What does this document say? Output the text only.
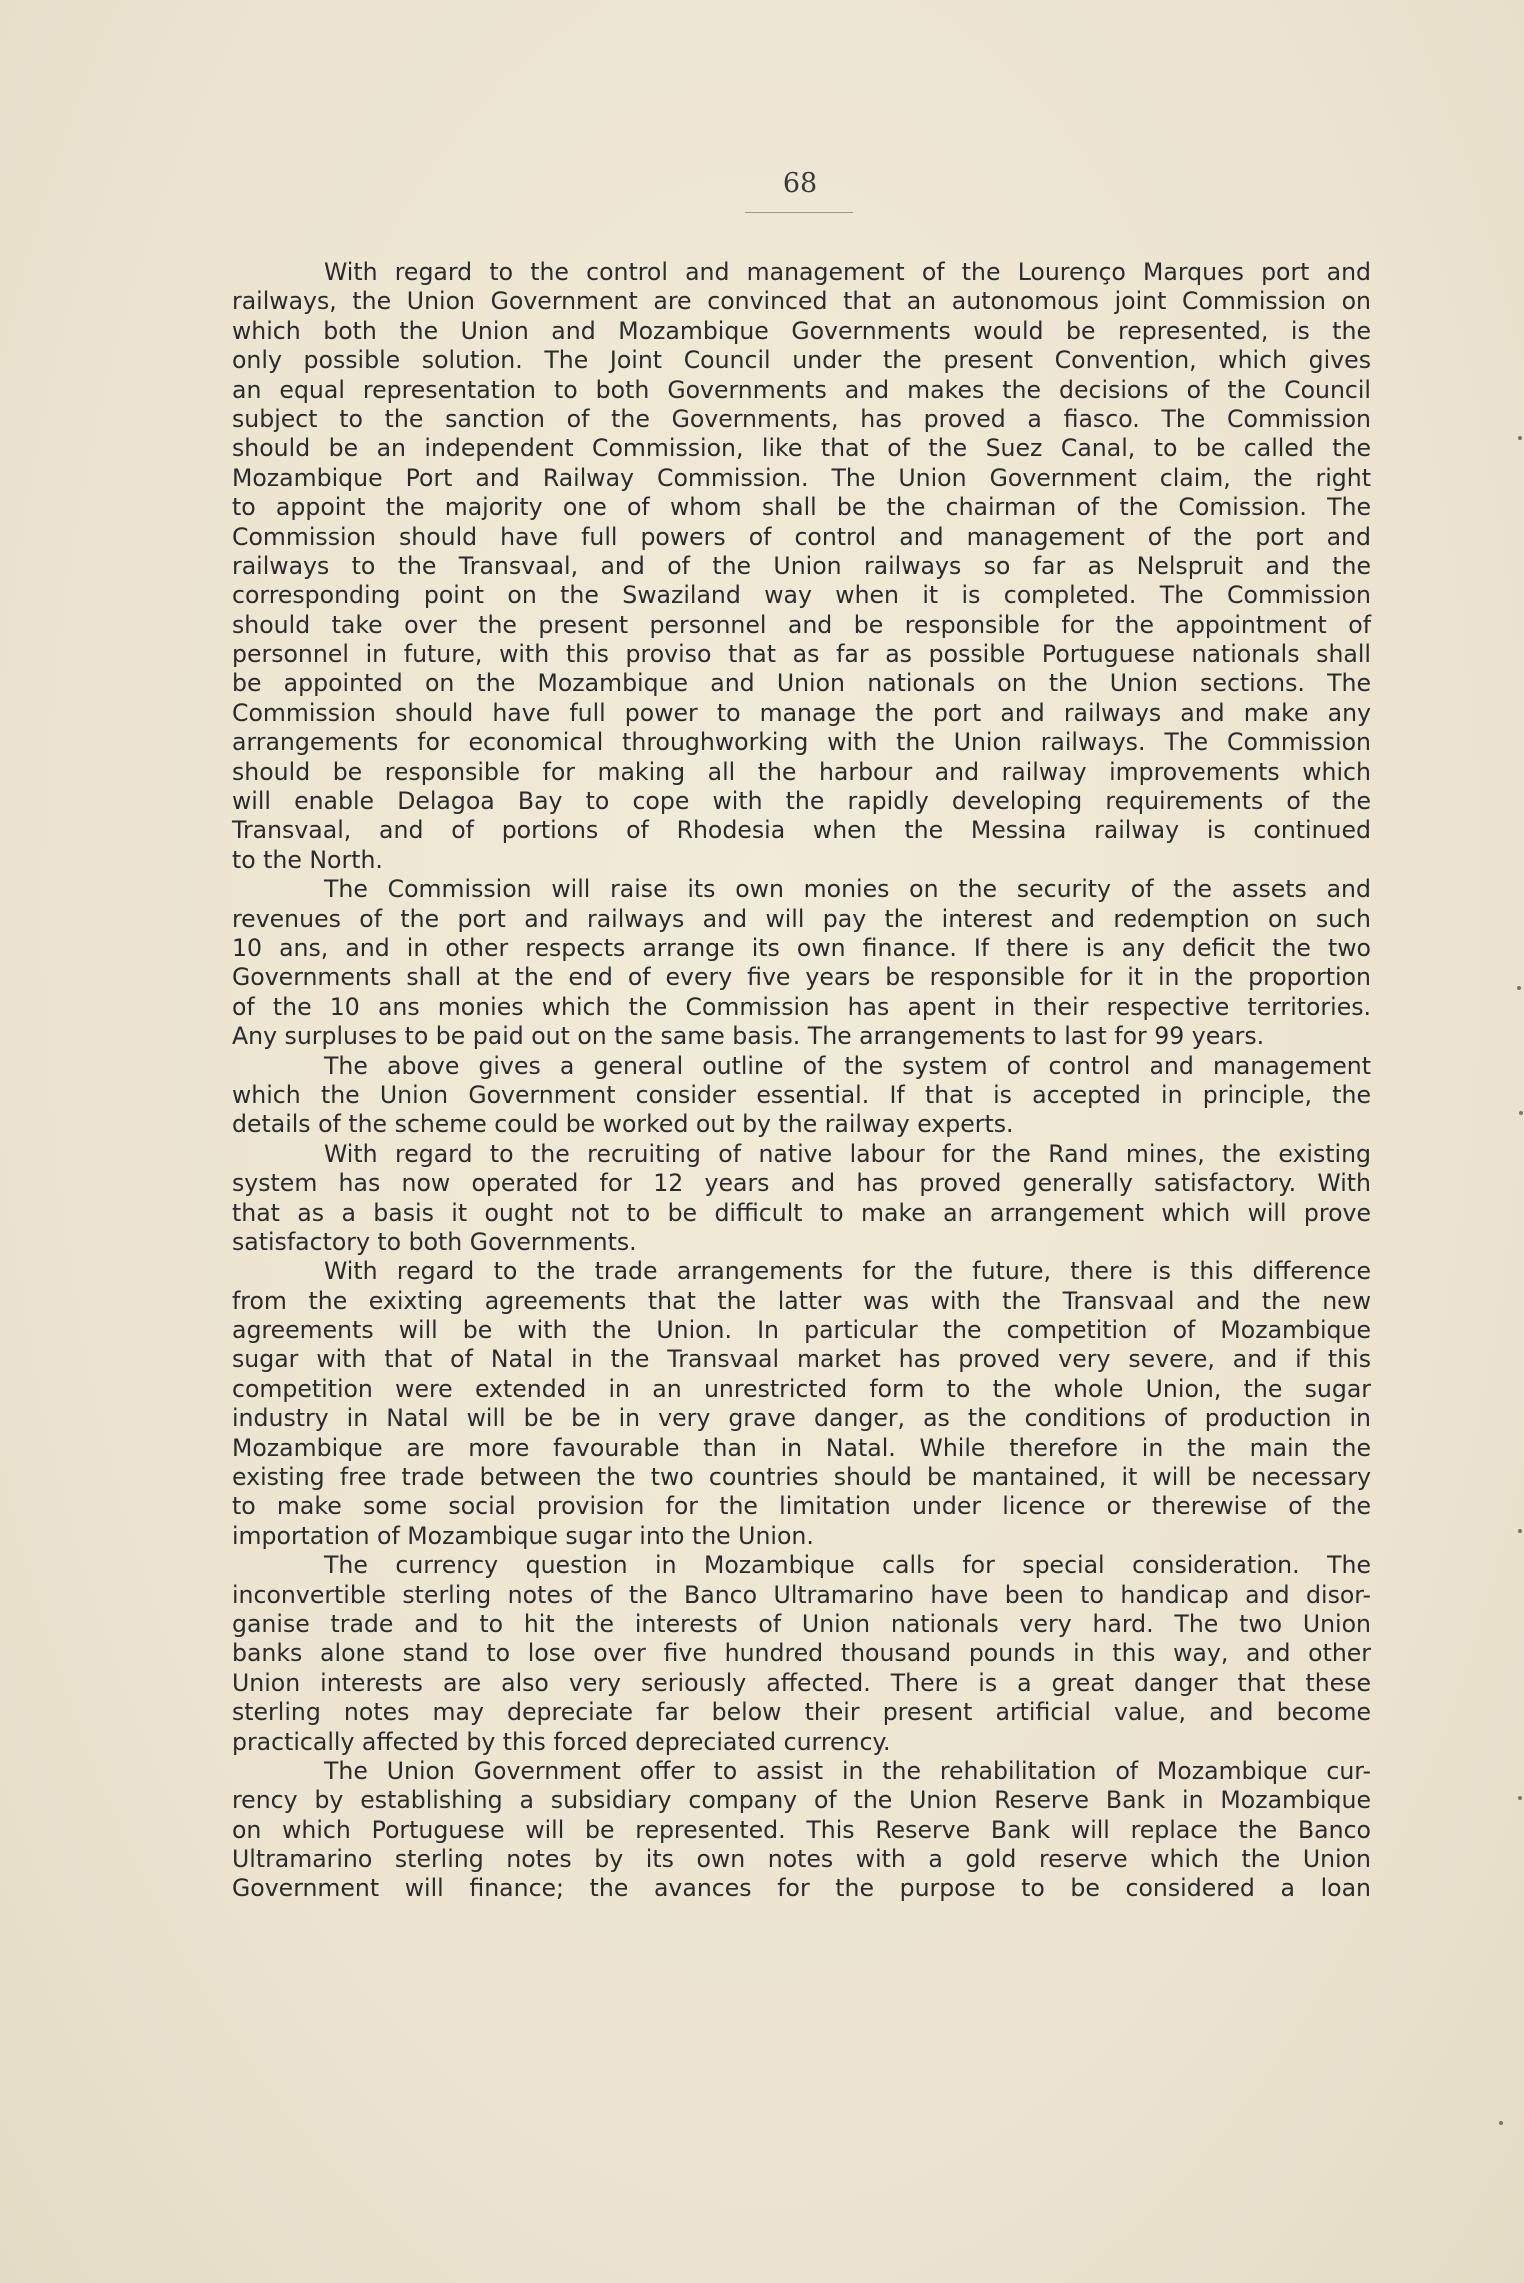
68
With regard to the control and management of the Lourenço Marques port and
railways, the Union Government are convinced that an autonomous joint Commission on
which both the Union and Mozambique Governments would be represented, is the
only possible solution. The Joint Council under the present Convention, which gives
an equal representation to both Governments and makes the decisions of the Council
subject to the sanction of the Governments, has proved a fiasco. The Commission
should be an independent Commission, like that of the Suez Canal, to be called the
Mozambique Port and Railway Commission. The Union Government claim, the right
to appoint the majority one of whom shall be the chairman of the Comission. The
Commission should have full powers of control and management of the port and
railways to the Transvaal, and of the Union railways so far as Nelspruit and the
corresponding point on the Swaziland way when it is completed. The Commission
should take over the present personnel and be responsible for the appointment of
personnel in future, with this proviso that as far as possible Portuguese nationals shall
be appointed on the Mozambique and Union nationals on the Union sections. The
Commission should have full power to manage the port and railways and make any
arrangements for economical throughworking with the Union railways. The Commission
should be responsible for making all the harbour and railway improvements which
will enable Delagoa Bay to cope with the rapidly developing requirements of the
Transvaal, and of portions of Rhodesia when the Messina railway is continued
to the North.
The Commission will raise its own monies on the security of the assets and
revenues of the port and railways and will pay the interest and redemption on such
10 ans, and in other respects arrange its own finance. If there is any deficit the two
Governments shall at the end of every five years be responsible for it in the proportion
of the 10 ans monies which the Commission has apent in their respective territories.
Any surpluses to be paid out on the same basis. The arrangements to last for 99 years.
The above gives a general outline of the system of control and management
which the Union Government consider essential. If that is accepted in principle, the
details of the scheme could be worked out by the railway experts.
With regard to the recruiting of native labour for the Rand mines, the existing
system has now operated for 12 years and has proved generally satisfactory. With
that as a basis it ought not to be difficult to make an arrangement which will prove
satisfactory to both Governments.
With regard to the trade arrangements for the future, there is this difference
from the exixting agreements that the latter was with the Transvaal and the new
agreements will be with the Union. In particular the competition of Mozambique
sugar with that of Natal in the Transvaal market has proved very severe, and if this
competition were extended in an unrestricted form to the whole Union, the sugar
industry in Natal will be be in very grave danger, as the conditions of production in
Mozambique are more favourable than in Natal. While therefore in the main the
existing free trade between the two countries should be mantained, it will be necessary
to make some social provision for the limitation under licence or therewise of the
importation of Mozambique sugar into the Union.
The currency question in Mozambique calls for special consideration. The
inconvertible sterling notes of the Banco Ultramarino have been to handicap and disor-
ganise trade and to hit the interests of Union nationals very hard. The two Union
banks alone stand to lose over five hundred thousand pounds in this way, and other
Union interests are also very seriously affected. There is a great danger that these
sterling notes may depreciate far below their present artificial value, and become
practically affected by this forced depreciated currency.
The Union Government offer to assist in the rehabilitation of Mozambique cur-
rency by establishing a subsidiary company of the Union Reserve Bank in Mozambique
on which Portuguese will be represented. This Reserve Bank will replace the Banco
Ultramarino sterling notes by its own notes with a gold reserve which the Union
Government will finance; the avances for the purpose to be considered a loan
